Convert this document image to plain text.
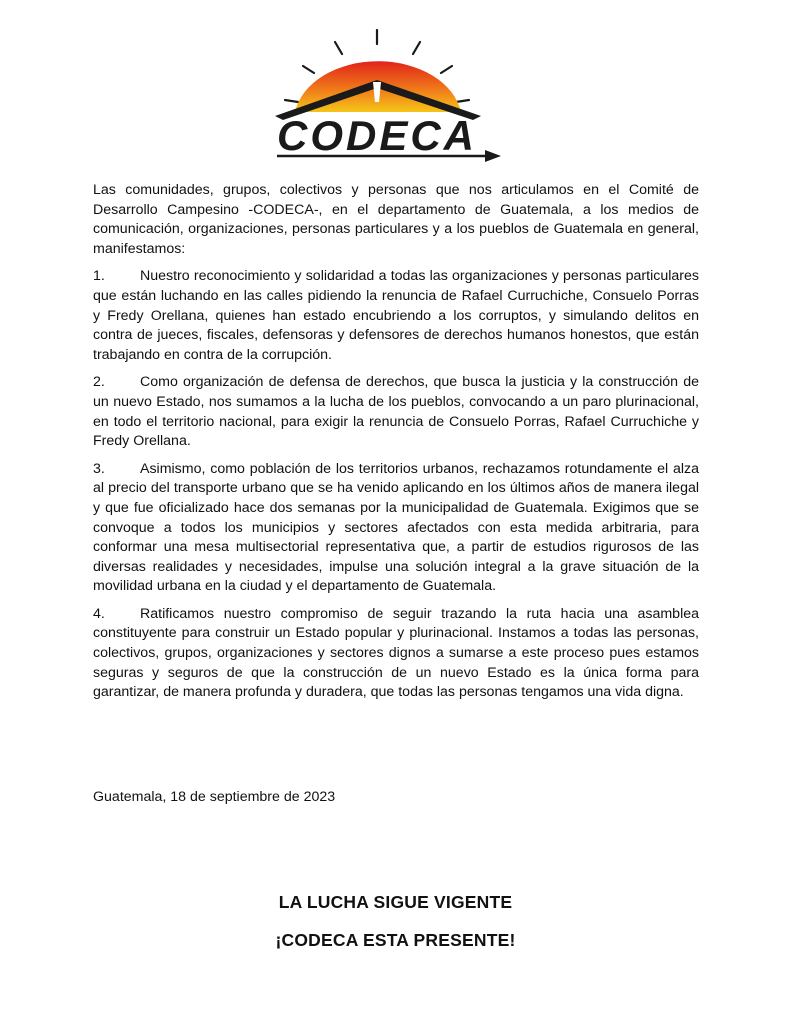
CODECA

Las comunidades, grupos, colectivos y personas que nos articulamos en el Comité de Desarrollo Campesino -CODECA-, en el departamento de Guatemala, a los medios de comunicación, organizaciones, personas particulares y a los pueblos de Guatemala en general, manifestamos:

1. Nuestro reconocimiento y solidaridad a todas las organizaciones y personas particulares que están luchando en las calles pidiendo la renuncia de Rafael Curruchiche, Consuelo Porras y Fredy Orellana, quienes han estado encubriendo a los corruptos, y simulando delitos en contra de jueces, fiscales, defensoras y defensores de derechos humanos honestos, que están trabajando en contra de la corrupción.

2. Como organización de defensa de derechos, que busca la justicia y la construcción de un nuevo Estado, nos sumamos a la lucha de los pueblos, convocando a un paro plurinacional, en todo el territorio nacional, para exigir la renuncia de Consuelo Porras, Rafael Curruchiche y Fredy Orellana.

3. Asimismo, como población de los territorios urbanos, rechazamos rotundamente el alza al precio del transporte urbano que se ha venido aplicando en los últimos años de manera ilegal y que fue oficializado hace dos semanas por la municipalidad de Guatemala. Exigimos que se convoque a todos los municipios y sectores afectados con esta medida arbitraria, para conformar una mesa multisectorial representativa que, a partir de estudios rigurosos de las diversas realidades y necesidades, impulse una solución integral a la grave situación de la movilidad urbana en la ciudad y el departamento de Guatemala.

4. Ratificamos nuestro compromiso de seguir trazando la ruta hacia una asamblea constituyente para construir un Estado popular y plurinacional. Instamos a todas las personas, colectivos, grupos, organizaciones y sectores dignos a sumarse a este proceso pues estamos seguras y seguros de que la construcción de un nuevo Estado es la única forma para garantizar, de manera profunda y duradera, que todas las personas tengamos una vida digna.

Guatemala, 18 de septiembre de 2023
LA LUCHA SIGUE VIGENTE
¡CODECA ESTA PRESENTE!
